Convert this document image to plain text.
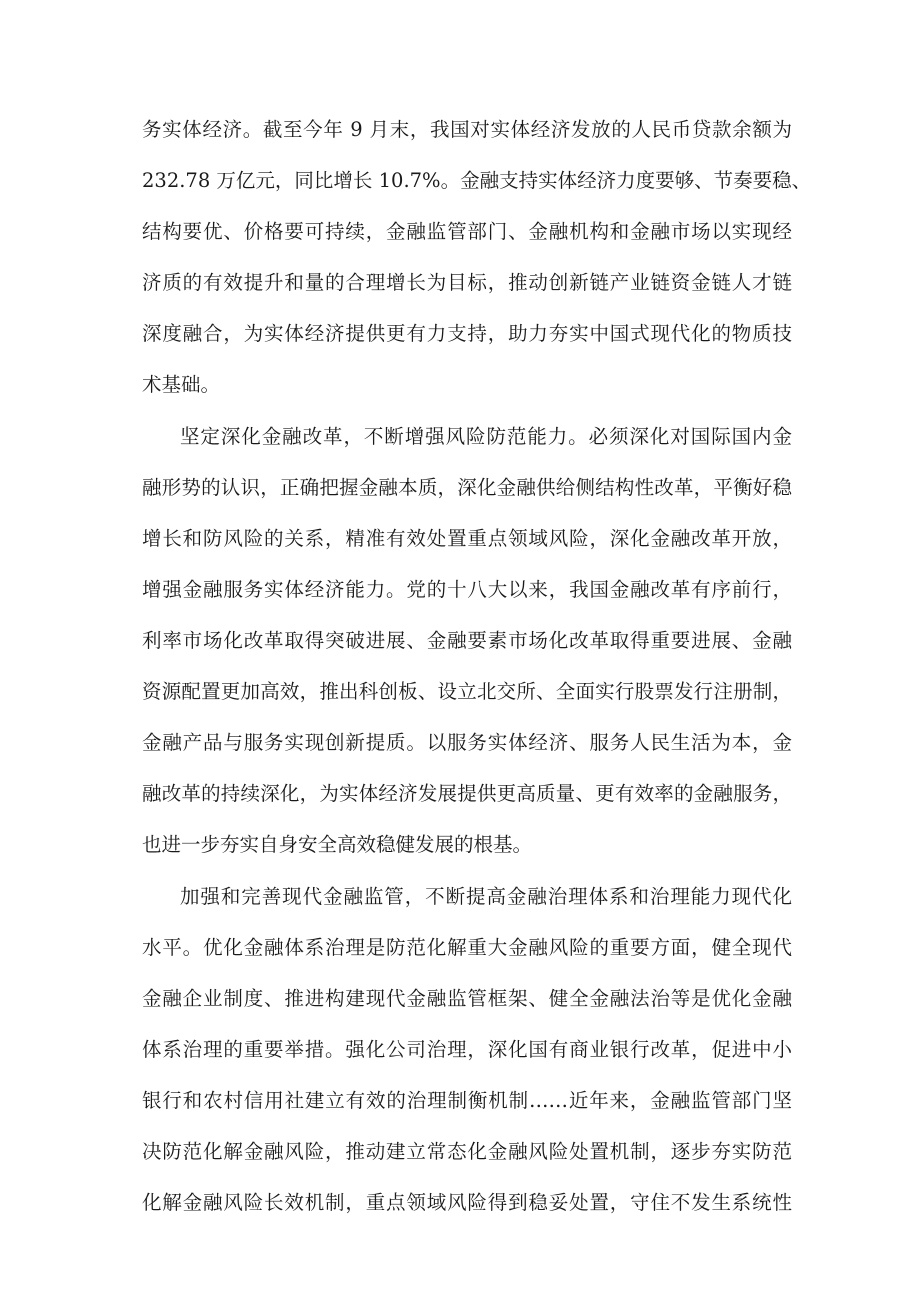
务实体经济。截至今年 9 月末，我国对实体经济发放的人民币贷款余额为
232.78 万亿元，同比增长 10.7%。金融支持实体经济力度要够、节奏要稳、
结构要优、价格要可持续，金融监管部门、金融机构和金融市场以实现经
济质的有效提升和量的合理增长为目标，推动创新链产业链资金链人才链
深度融合，为实体经济提供更有力支持，助力夯实中国式现代化的物质技
术基础。
坚定深化金融改革，不断增强风险防范能力。必须深化对国际国内金
融形势的认识，正确把握金融本质，深化金融供给侧结构性改革，平衡好稳
增长和防风险的关系，精准有效处置重点领域风险，深化金融改革开放，
增强金融服务实体经济能力。党的十八大以来，我国金融改革有序前行，
利率市场化改革取得突破进展、金融要素市场化改革取得重要进展、金融
资源配置更加高效，推出科创板、设立北交所、全面实行股票发行注册制，
金融产品与服务实现创新提质。以服务实体经济、服务人民生活为本，金
融改革的持续深化，为实体经济发展提供更高质量、更有效率的金融服务，
也进一步夯实自身安全高效稳健发展的根基。
加强和完善现代金融监管，不断提高金融治理体系和治理能力现代化
水平。优化金融体系治理是防范化解重大金融风险的重要方面，健全现代
金融企业制度、推进构建现代金融监管框架、健全金融法治等是优化金融
体系治理的重要举措。强化公司治理，深化国有商业银行改革，促进中小
银行和农村信用社建立有效的治理制衡机制……近年来，金融监管部门坚
决防范化解金融风险，推动建立常态化金融风险处置机制，逐步夯实防范
化解金融风险长效机制，重点领域风险得到稳妥处置，守住不发生系统性
